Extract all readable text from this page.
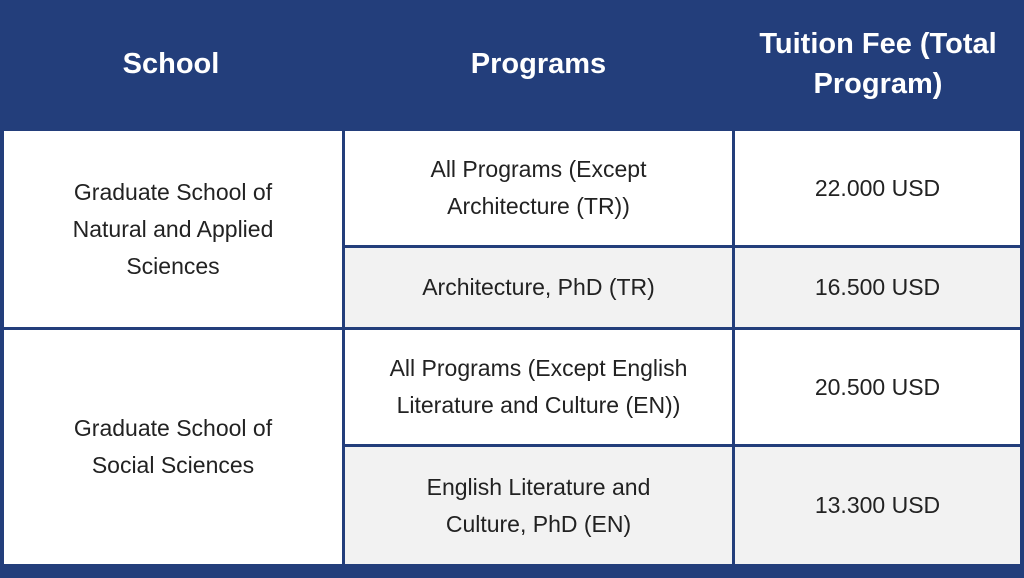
School	Programs
Tuition Fee (Total Program)
Graduate School of Natural and Applied Sciences
All Programs (Except Architecture (TR))
22.000 USD
Architecture, PhD (TR)	16.500 USD
Graduate School of Social Sciences
All Programs (Except English Literature and Culture (EN))
20.500 USD
English Literature and Culture, PhD (EN)
13.300 USD
